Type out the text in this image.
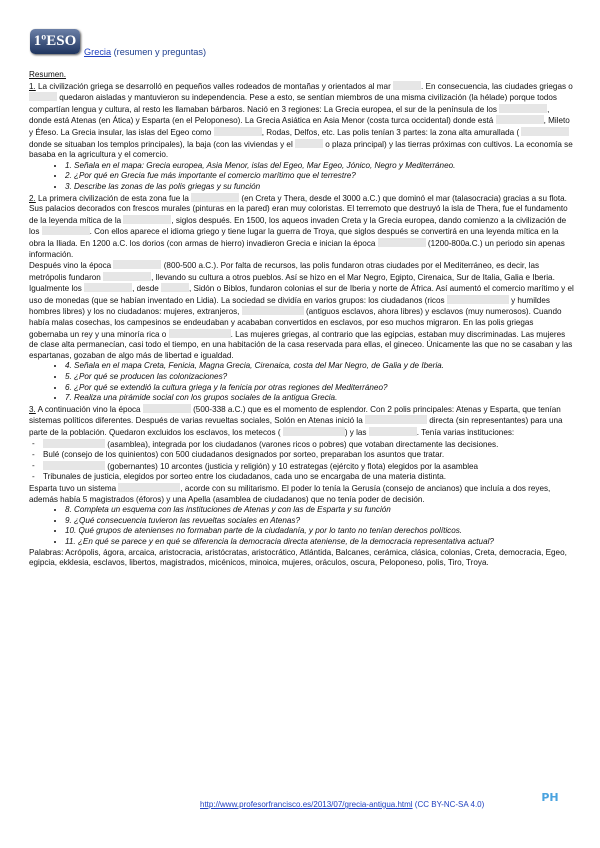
1ºESO
Grecia (resumen y preguntas)

Resumen.

1. La civilización griega se desarrolló en pequeños valles rodeados de montañas y orientados al mar	. En consecuencia, las ciudades griegas o  quedaron aisladas y mantuvieron su independencia. Pese a esto, se sentían miembros de una misma civilización (la hélade) porque todos compartían lengua y cultura, al resto les llamaban bárbaros. Nació en 3 regiones: La Grecia europea, el sur de la península de los	, donde está Atenas (en Ática) y Esparta (en el Peloponeso). La Grecia Asiática en Asia Menor (costa turca occidental) donde está	, Mileto y Éfeso. La Grecia insular, las islas del Egeo como	, Rodas, Delfos, etc. Las polis tenían 3 partes: la zona alta amurallada (  donde se situaban los templos principales), la baja (con las viviendas y el	o plaza principal) y las tierras próximas con cultivos. La economía se basaba en la agricultura y el comercio.

• 1. Señala en el mapa: Grecia europea, Asia Menor, islas del Egeo, Mar Egeo, Jónico, Negro y Mediterráneo.
• 2. ¿Por qué en Grecia fue más importante el comercio marítimo que el terrestre?
• 3. Describe las zonas de las polis griegas y su función

2. La primera civilización de esta zona fue la	(en Creta y Thera, desde el 3000 a.C.) que dominó el mar (talasocracia) gracias a su flota. Sus palacios decorados con frescos murales (pinturas en la pared) eran muy coloristas. El terremoto que destruyó la isla de Thera, fue el fundamento de la leyenda mítica de la	, siglos después. En 1500, los aqueos invaden Creta y la Grecia europea, dando comienzo a la civilización de los	. Con ellos aparece el idioma griego y tiene lugar la guerra de Troya, que siglos después se convertirá en una leyenda mítica en la obra la Iliada. En 1200 a.C. los dorios (con armas de hierro) invadieron Grecia e inician la época	(1200-800a.C.) un periodo sin apenas información.

Después vino la época	(800-500 a.C.). Por falta de recursos, las polis fundaron otras ciudades por el Mediterráneo, es decir, las metrópolis fundaron	, llevando su cultura a otros pueblos. Así se hizo en el Mar Negro, Egipto, Cirenaica, Sur de Italia, Galia e Iberia. Igualmente los	, desde	, Sidón o Biblos, fundaron colonias el sur de Iberia y norte de África. Así aumentó el comercio marítimo y el uso de monedas (que se habían inventado en Lidia). La sociedad se dividía en varios grupos: los ciudadanos (ricos	y humildes hombres libres) y los no ciudadanos: mujeres, extranjeros,	(antiguos esclavos, ahora libres) y esclavos (muy numerosos). Cuando había malas cosechas, los campesinos se endeudaban y acababan convertidos en esclavos, por eso muchos migraron. En las polis griegas gobernaba un rey y una minoría rica o	. Las mujeres griegas, al contrario que las egipcias, estaban muy discriminadas. Las mujeres de clase alta permanecían, casi todo el tiempo, en una habitación de la casa reservada para ellas, el gineceo. Únicamente las que no se casaban y las espartanas, gozaban de algo más de libertad e igualdad.

• 4. Señala en el mapa Creta, Fenicia, Magna Grecia, Cirenaica, costa del Mar Negro, de Galia y de Iberia.
• 5. ¿Por qué se producen las colonizaciones?
• 6. ¿Por qué se extendió la cultura griega y la fenicia por otras regiones del Mediterráneo?
• 7. Realiza una pirámide social con los grupos sociales de la antigua Grecia.

3. A continuación vino la época	(500-338 a.C.) que es el momento de esplendor. Con 2 polis principales: Atenas y Esparta, que tenían sistemas políticos diferentes. Después de varias revueltas sociales, Solón en Atenas inició la	directa (sin representantes) para una parte de la población. Quedaron excluidos los esclavos, los metecos (	) y las	. Tenía varias instituciones:

- (asamblea), integrada por los ciudadanos (varones ricos o pobres) que votaban directamente las decisiones.
- Bulé (consejo de los quinientos) con 500 ciudadanos designados por sorteo, preparaban los asuntos que tratar.
- (gobernantes) 10 arcontes (justicia y religión) y 10 estrategas (ejército y flota) elegidos por la asamblea
- Tribunales de justicia, elegidos por sorteo entre los ciudadanos, cada uno se encargaba de una materia distinta.

Esparta tuvo un sistema	, acorde con su militarismo. El poder lo tenía la Gerusía (consejo de ancianos) que incluía a dos reyes, además había 5 magistrados (éforos) y una Apella (asamblea de ciudadanos) que no tenía poder de decisión.

• 8. Completa un esquema con las instituciones de Atenas y con las de Esparta y su función
• 9. ¿Qué consecuencia tuvieron las revueltas sociales en Atenas?
• 10. Qué grupos de atenienses no formaban parte de la ciudadanía, y por lo tanto no tenían derechos políticos.
• 11. ¿En qué se parece y en qué se diferencia la democracia directa ateniense, de la democracia representativa actual?

Palabras: Acrópolis, ágora, arcaica, aristocracia, aristócratas, aristocrático, Atlántida, Balcanes, cerámica, clásica, colonias, Creta, democracia, Egeo, egipcia, ekklesia, esclavos, libertos, magistrados, micénicos, minoica, mujeres, oráculos, oscura, Peloponeso, polis, Tiro, Troya.

http://www.profesorfrancisco.es/2013/07/grecia-antigua.html (CC BY-NC-SA 4.0)
PH
